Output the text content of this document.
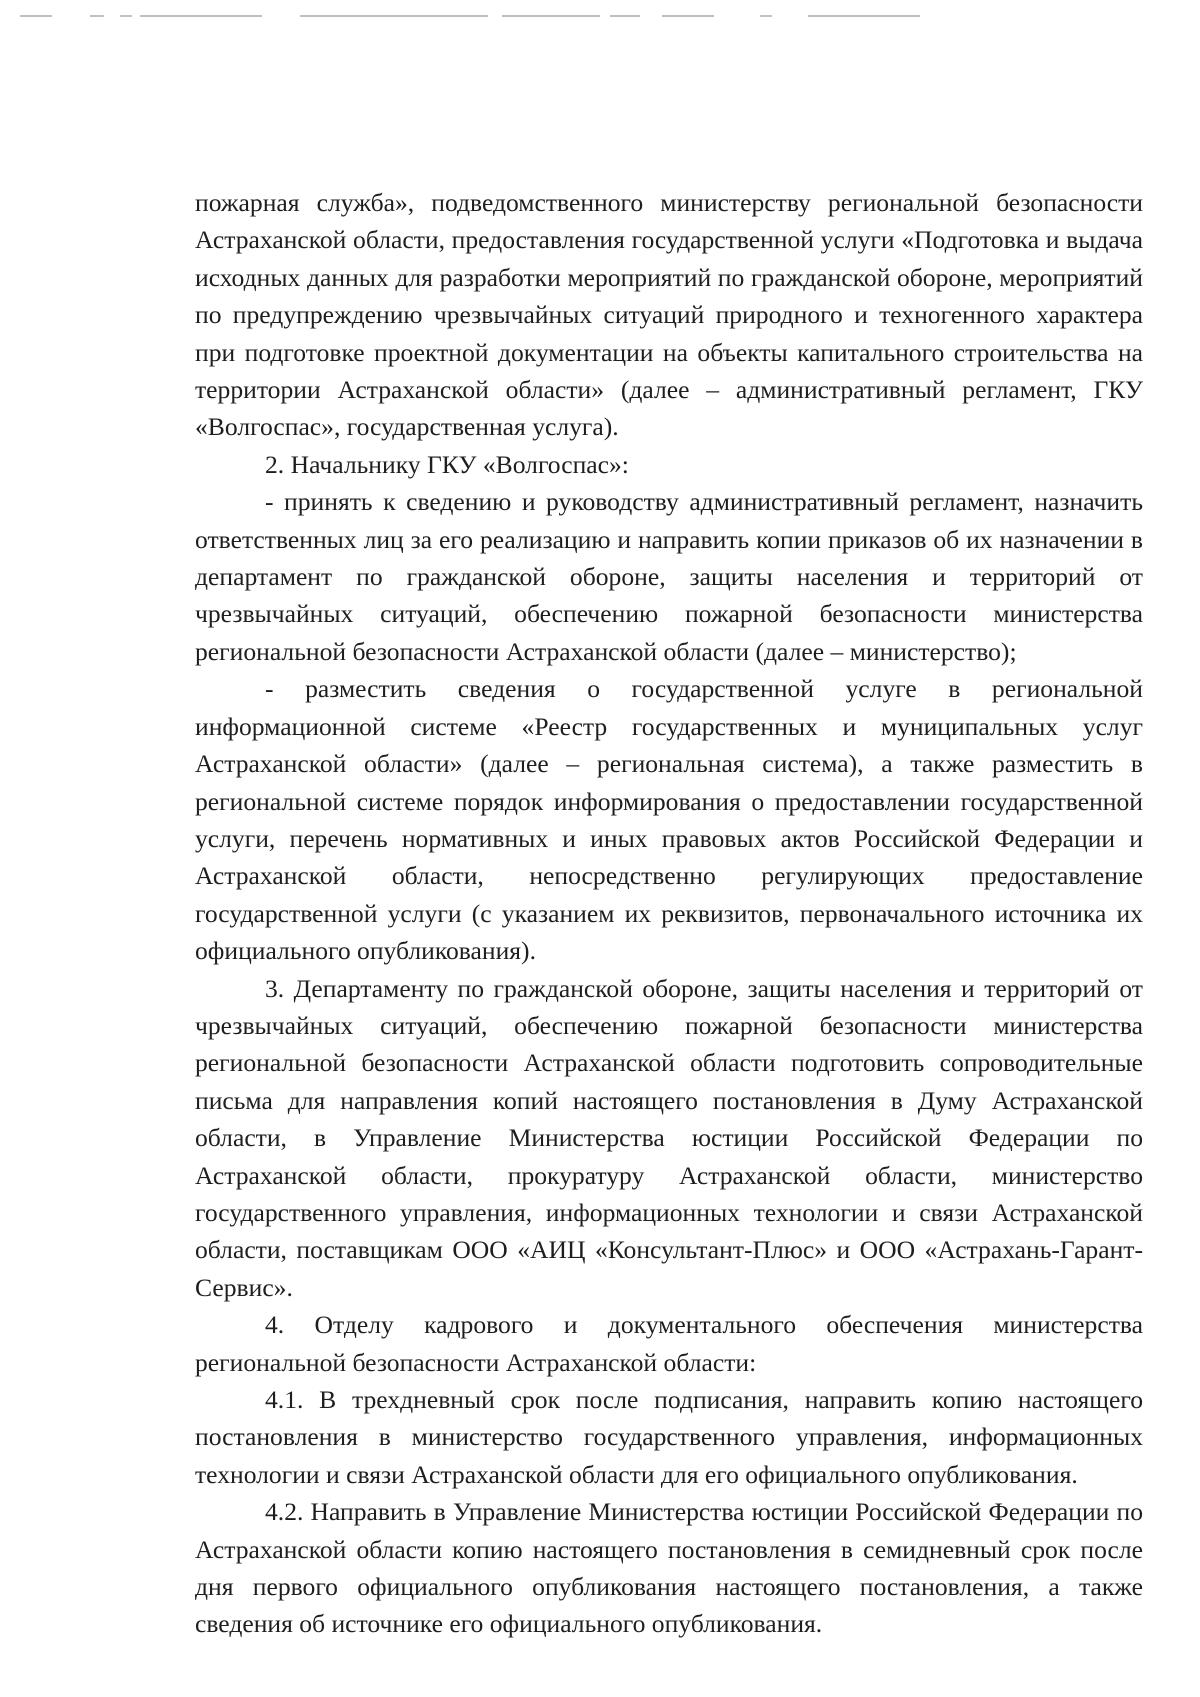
пожарная служба», подведомственного министерству региональной безопасности Астраханской области, предоставления государственной услуги «Подготовка и выдача исходных данных для разработки мероприятий по гражданской обороне, мероприятий по предупреждению чрезвычайных ситуаций природного и техногенного характера при подготовке проектной документации на объекты капитального строительства на территории Астраханской области» (далее – административный регламент, ГКУ «Волгоспас», государственная услуга).

2. Начальнику ГКУ «Волгоспас»:

- принять к сведению и руководству административный регламент, назначить ответственных лиц за его реализацию и направить копии приказов об их назначении в департамент по гражданской обороне, защиты населения и территорий от чрезвычайных ситуаций, обеспечению пожарной безопасности министерства региональной безопасности Астраханской области (далее – министерство);

- разместить сведения о государственной услуге в региональной информационной системе «Реестр государственных и муниципальных услуг Астраханской области» (далее – региональная система), а также разместить в региональной системе порядок информирования о предоставлении государственной услуги, перечень нормативных и иных правовых актов Российской Федерации и Астраханской области, непосредственно регулирующих предоставление государственной услуги (с указанием их реквизитов, первоначального источника их официального опубликования).

3. Департаменту по гражданской обороне, защиты населения и территорий от чрезвычайных ситуаций, обеспечению пожарной безопасности министерства региональной безопасности Астраханской области подготовить сопроводительные письма для направления копий настоящего постановления в Думу Астраханской области, в Управление Министерства юстиции Российской Федерации по Астраханской области, прокуратуру Астраханской области, министерство государственного управления, информационных технологии и связи Астраханской области, поставщикам ООО «АИЦ «Консультант-Плюс» и ООО «Астрахань-Гарант-Сервис».

4. Отделу кадрового и документального обеспечения министерства региональной безопасности Астраханской области:

4.1. В трехдневный срок после подписания, направить копию настоящего постановления в министерство государственного управления, информационных технологии и связи Астраханской области для его официального опубликования.

4.2. Направить в Управление Министерства юстиции Российской Федерации по Астраханской области копию настоящего постановления в семидневный срок после дня первого официального опубликования настоящего постановления, а также сведения об источнике его официального опубликования.
